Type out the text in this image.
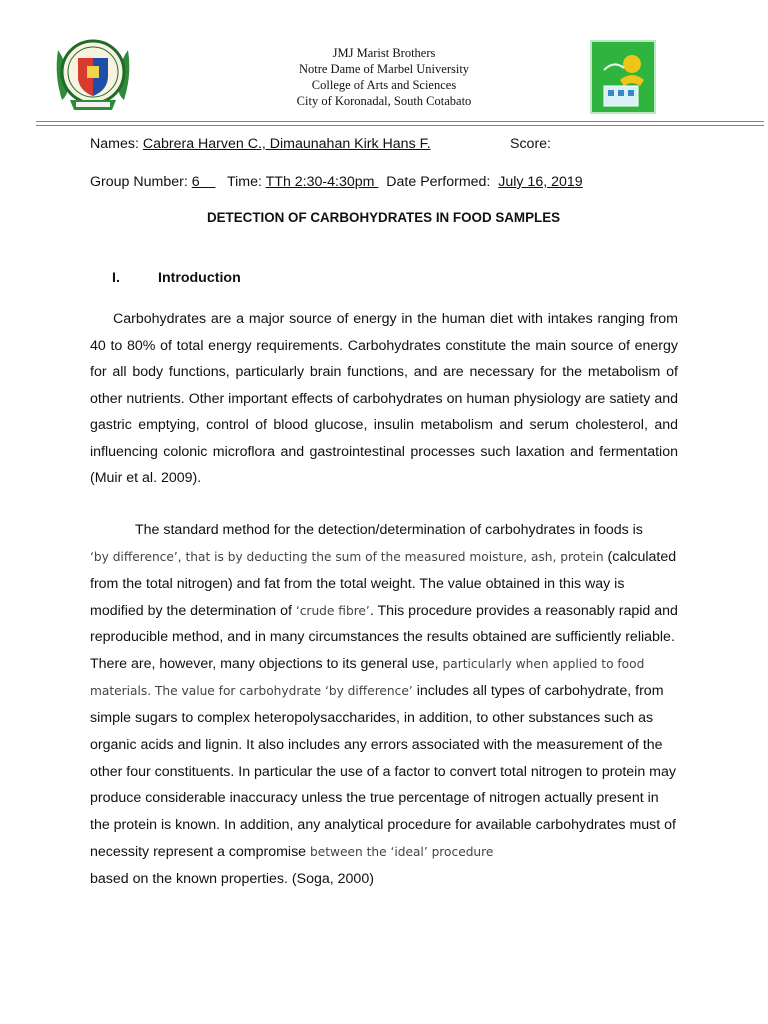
JMJ Marist Brothers
Notre Dame of Marbel University
College of Arts and Sciences
City of Koronadal, South Cotabato
Names: Cabrera Harven C., Dimaunahan Kirk Hans F.	Score:
Group Number: 6       Time: TTh 2:30-4:30pm   Date Performed:  July 16, 2019
DETECTION OF CARBOHYDRATES IN FOOD SAMPLES
I.	Introduction

Carbohydrates are a major source of energy in the human diet with intakes ranging from 40 to 80% of total energy requirements. Carbohydrates constitute the main source of energy for all body functions, particularly brain functions, and are necessary for the metabolism of other nutrients. Other important effects of carbohydrates on human physiology are satiety and gastric emptying, control of blood glucose, insulin metabolism and serum cholesterol, and influencing colonic microflora and gastrointestinal processes such laxation and fermentation (Muir et al. 2009).

The standard method for the detection/determination of carbohydrates in foods is
‘by difference’, that is by deducting the sum of the measured moisture, ash, protein (calculated from the total nitrogen) and fat from the total weight. The value obtained in this way is modified by the determination of ‘crude fibre’. This procedure provides a reasonably rapid and reproducible method, and in many circumstances the results obtained are sufficiently reliable. There are, however, many objections to its general use, particularly when applied to food materials. The value for carbohydrate ‘by difference’ includes all types of carbohydrate, from simple sugars to complex heteropolysaccharides, in addition, to other substances such as organic acids and lignin. It also includes any errors associated with the measurement of the other four constituents. In particular the use of a factor to convert total nitrogen to protein may produce considerable inaccuracy unless the true percentage of nitrogen actually present in the protein is known. In addition, any analytical procedure for available carbohydrates must of necessity represent a compromise between the ‘ideal’ procedure
based on the known properties. (Soga, 2000)
